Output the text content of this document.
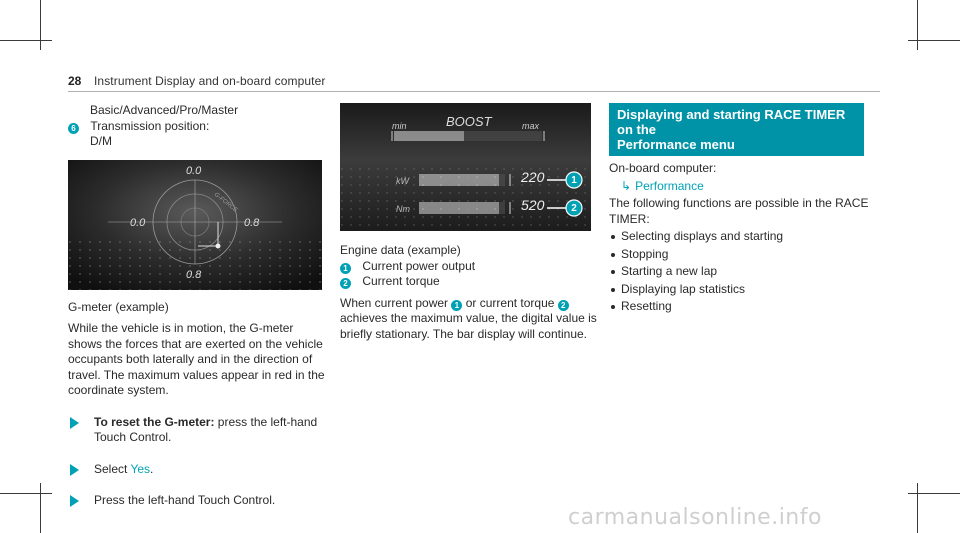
28 Instrument Display and on-board computer
Basic/Advanced/Pro/Master
6 Transmission position:
D/M
G-FORCE
0.0
0.0	0.8
0.8
G-meter (example)
While the vehicle is in motion, the G-meter
shows the forces that are exerted on the vehicle
occupants both laterally and in the direction of
travel. The maximum values appear in red in the
coordinate system.
To reset the G-meter: press the left-hand
Touch Control.
Select Yes.
Press the left-hand Touch Control.
min	BOOST	max
kW	220
Nm	520
1
2
Engine data (example)
1 Current power output
2 Current torque
When current power 1 or current torque 2
achieves the maximum value, the digital value is
briefly stationary. The bar display will continue.
Displaying and starting RACE TIMER on the
Performance menu
On-board computer:
↳ Performance
The following functions are possible in the RACE
TIMER:
Selecting displays and starting
Stopping
Starting a new lap
Displaying lap statistics
Resetting
carmanualsonline.info
